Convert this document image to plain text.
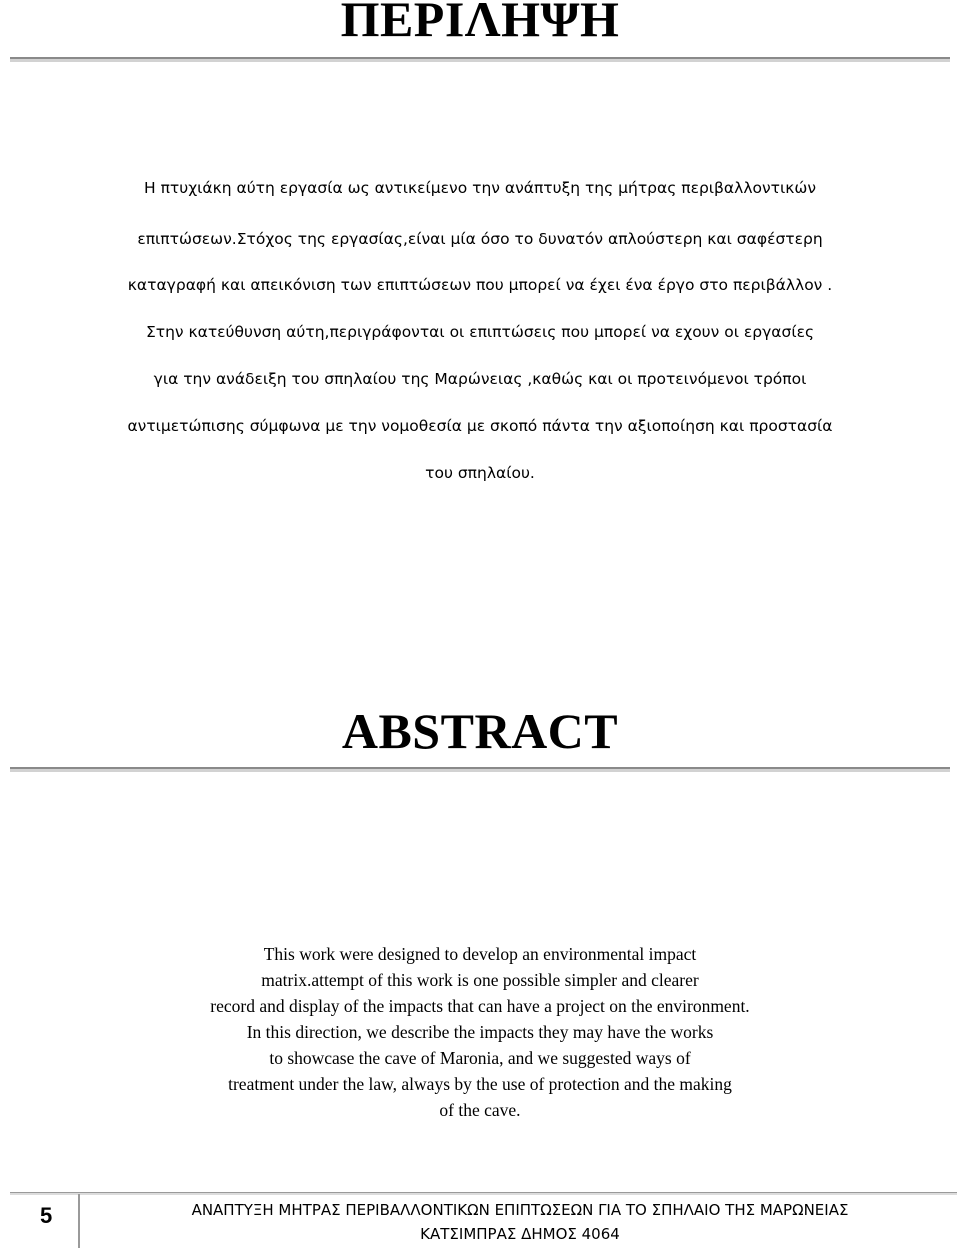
ΠΕΡΙΛΗΨΗ
Η πτυχιάκη αύτη εργασία ως αντικείμενο την ανάπτυξη της μήτρας περιβαλλοντικών
επιπτώσεων.Στόχος της εργασίας,είναι μία όσο το δυνατόν απλούστερη και σαφέστερη
καταγραφή και απεικόνιση των επιπτώσεων που μπορεί να έχει ένα έργο στο περιβάλλον .
Στην κατεύθυνση αύτη,περιγράφονται οι επιπτώσεις που μπορεί να εχουν οι εργασίες
για την ανάδειξη του σπηλαίου της Μαρώνειας ,καθώς και οι προτεινόμενοι τρόποι
αντιμετώπισης σύμφωνα με την νομοθεσία με σκοπό πάντα την αξιοποίηση και προστασία
του σπηλαίου.
ABSTRACT
This work were designed to develop an environmental impact
matrix.attempt of this work is one possible simpler and clearer
record and display of the impacts that can have a project on the environment.
In this direction, we describe the impacts they may have the works
to showcase the cave of Maronia, and we suggested ways of
treatment under the law, always by the use of protection and the making
of the cave.
5	ΑΝΑΠΤΥΞΗ ΜΗΤΡΑΣ ΠΕΡΙΒΑΛΛΟΝΤΙΚΩΝ ΕΠΙΠΤΩΣΕΩΝ ΓΙΑ ΤΟ ΣΠΗΛΑΙΟ ΤΗΣ ΜΑΡΩΝΕΙΑΣ
ΚΑΤΣΙΜΠΡΑΣ ΔΗΜΟΣ 4064
